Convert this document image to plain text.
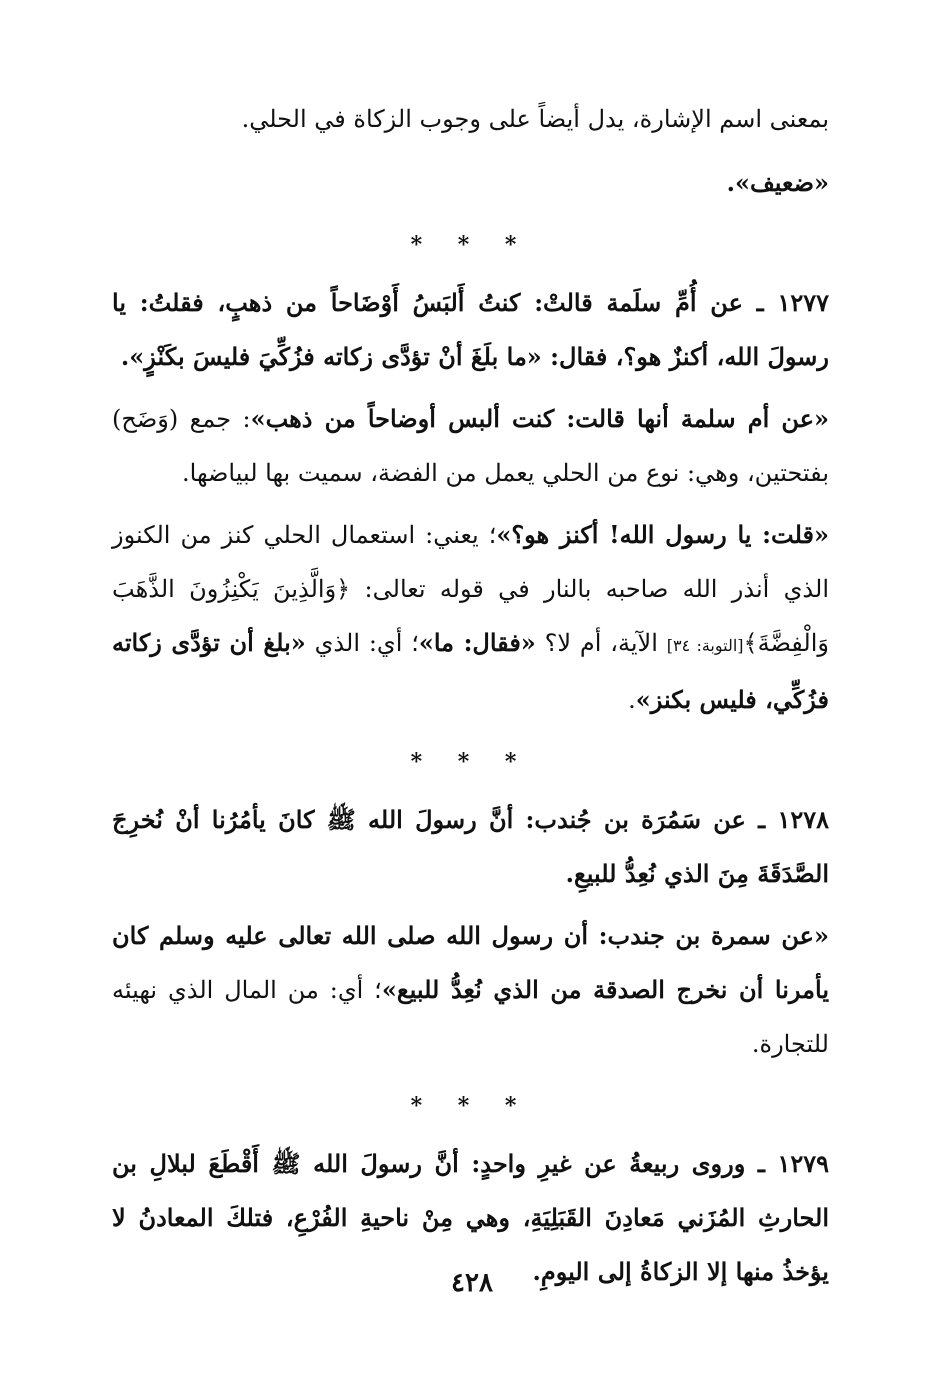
بمعنى اسم الإشارة، يدل أيضاً على وجوب الزكاة في الحلي.

«ضعيف».

* * *

١٢٧٧ ـ عن أُمِّ سلَمة قالتْ: كنتُ أَلبَسُ أَوْضَاحاً من ذهبٍ، فقلتُ: يا رسولَ الله، أكنزٌ هو؟، فقال: «ما بلَغَ أنْ تؤدَّى زكاته فزُكِّيَ فليسَ بكَنْزٍ».

«عن أم سلمة أنها قالت: كنت ألبس أوضاحاً من ذهب»: جمع (وَضَح) بفتحتين، وهي: نوع من الحلي يعمل من الفضة، سميت بها لبياضها.

«قلت: يا رسول الله! أكنز هو؟»؛ يعني: استعمال الحلي كنز من الكنوز الذي أنذر الله صاحبه بالنار في قوله تعالى: ﴿وَالَّذِينَ يَكْنِزُونَ الذَّهَبَ وَالْفِضَّةَ﴾[التوبة: ٣٤] الآية، أم لا؟ «فقال: ما»؛ أي: الذي «بلغ أن تؤدَّى زكاته فزُكِّي، فليس بكنز».

* * *

١٢٧٨ ـ عن سَمُرَة بن جُندب: أنَّ رسولَ الله ﷺ كانَ يأمُرُنا أنْ نُخرِجَ الصَّدَقَةَ مِنَ الذي نُعِدُّ للبيعِ.

«عن سمرة بن جندب: أن رسول الله صلى الله تعالى عليه وسلم كان يأمرنا أن نخرج الصدقة من الذي نُعِدُّ للبيع»؛ أي: من المال الذي نهيئه للتجارة.

* * *

١٢٧٩ ـ وروى ربيعةُ عن غيرِ واحدٍ: أنَّ رسولَ الله ﷺ أَقْطَعَ لبلالِ بن الحارثِ المُزَني مَعادِنَ القَبَلِيَةِ، وهي مِنْ ناحيةِ الفُرْعِ، فتلكَ المعادنُ لا يؤخذُ منها إلا الزكاةُ إلى اليومِ.

٤٢٨
